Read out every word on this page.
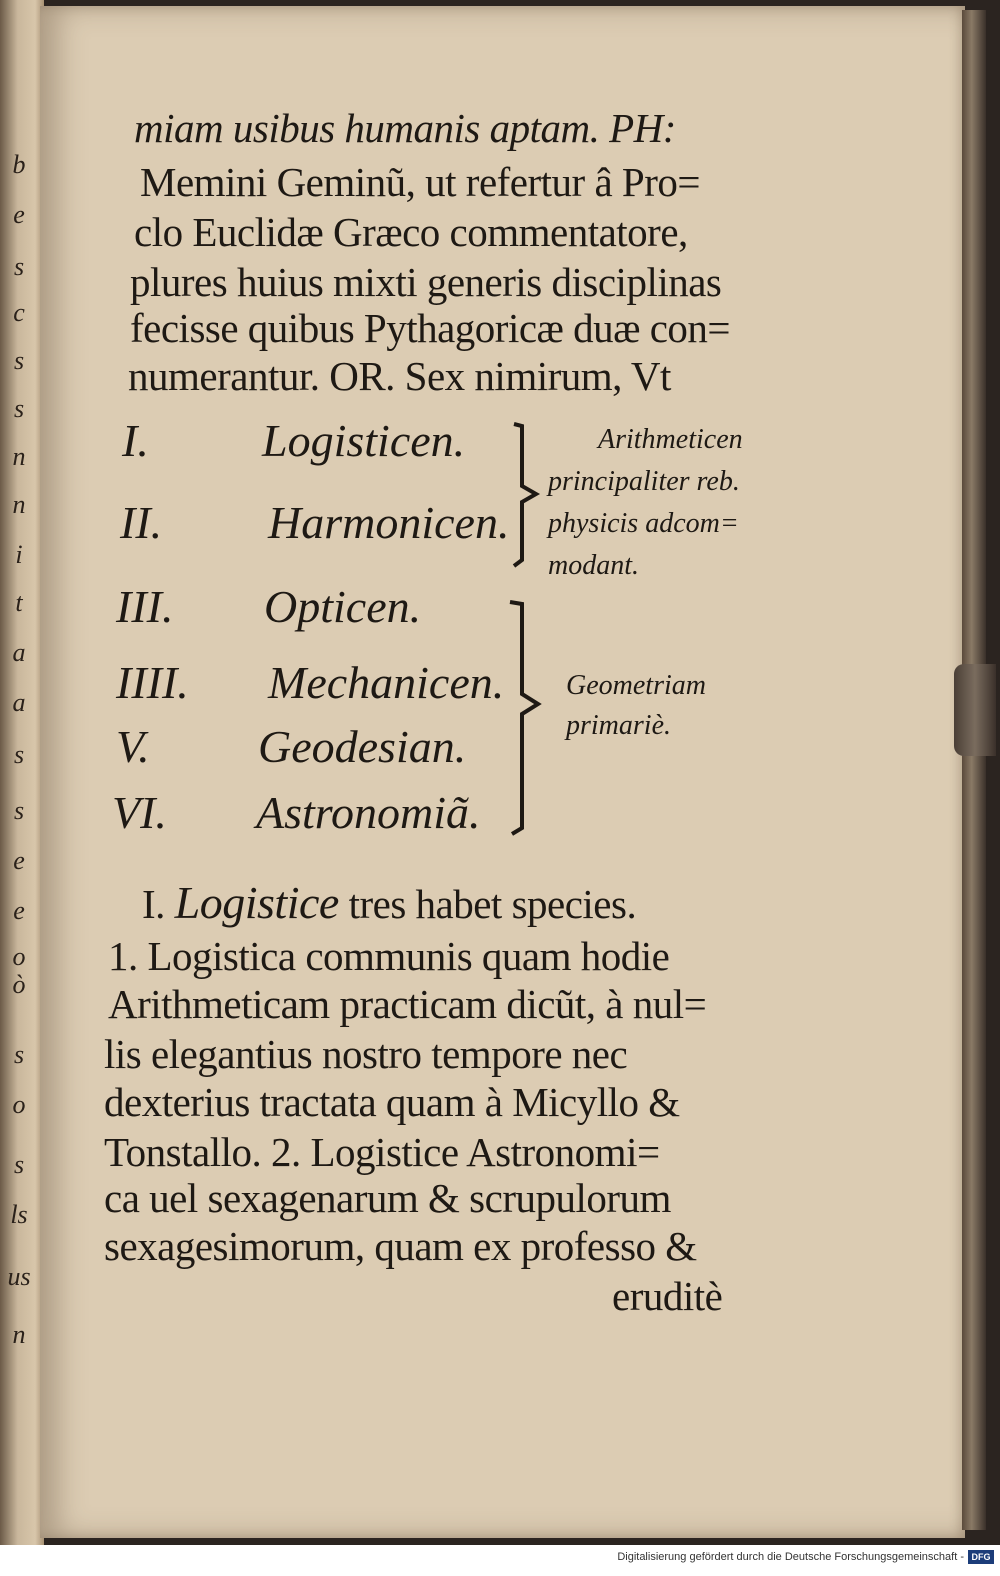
b
e
s
c
s
s
n
n
i
t
a
a
s
s
e
e
o
ò
s
o
s
ls
us
n
miam usibus humanis aptam. PH:
Memini Geminũ, ut refertur â Pro=
clo Euclidæ Græco commentatore,
plures huius mixti generis disciplinas
fecisse quibus Pythagoricæ duæ con=
numerantur. OR. Sex nimirum, Vt
I. Logisticen.
II. Harmonicen.
III. Opticen.
IIII. Mechanicen.
V. Geodesian.
VI. Astronomiã.
Arithmeticen
principaliter reb.
physicis adcom=
modant.
Geometriam
primariè.
I. Logistice tres habet species.
1. Logistica communis quam hodie
Arithmeticam practicam dicũt, à nul=
lis elegantius nostro tempore nec
dexterius tractata quam à Micyllo &
Tonstallo. 2. Logistice Astronomi=
ca uel sexagenarum & scrupulorum
sexagesimorum, quam ex professo &
eruditè
Digitalisierung gefördert durch die Deutsche Forschungsgemeinschaft - DFG
